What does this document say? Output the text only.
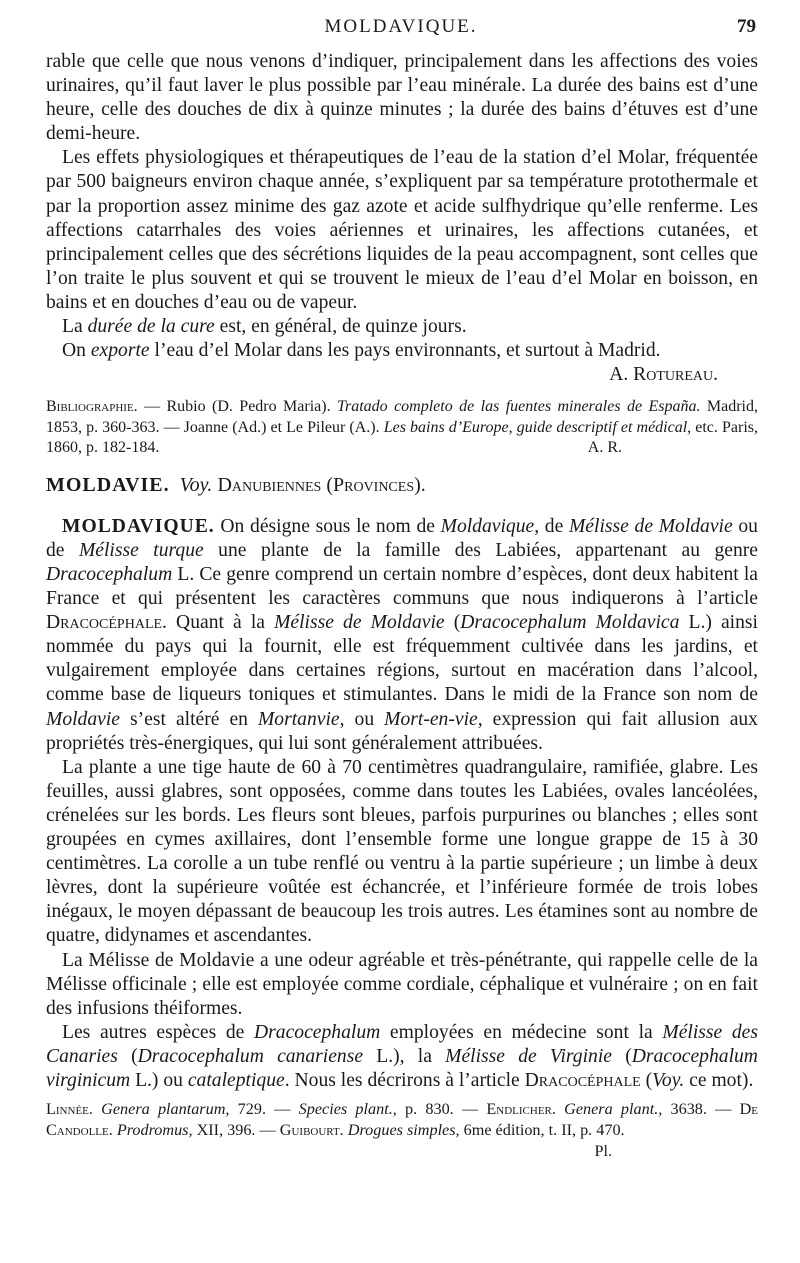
MOLDAVIQUE.	79

rable que celle que nous venons d’indiquer, principalement dans les affections des voies urinaires, qu’il faut laver le plus possible par l’eau minérale. La durée des bains est d’une heure, celle des douches de dix à quinze minutes ; la durée des bains d’étuves est d’une demi-heure.

Les effets physiologiques et thérapeutiques de l’eau de la station d’el Molar, fréquentée par 500 baigneurs environ chaque année, s’expliquent par sa température protothermale et par la proportion assez minime des gaz azote et acide sulfhydrique qu’elle renferme. Les affections catarrhales des voies aériennes et urinaires, les affections cutanées, et principalement celles que des sécrétions liquides de la peau accompagnent, sont celles que l’on traite le plus souvent et qui se trouvent le mieux de l’eau d’el Molar en boisson, en bains et en douches d’eau ou de vapeur.

La durée de la cure est, en général, de quinze jours.

On exporte l’eau d’el Molar dans les pays environnants, et surtout à Madrid.

A. Rotureau.

Bibliographie. — Rubio (D. Pedro Maria). Tratado completo de las fuentes minerales de España. Madrid, 1853, p. 360-363. — Joanne (Ad.) et Le Pileur (A.). Les bains d’Europe, guide descriptif et médical, etc. Paris, 1860, p. 182-184.	A. R.

MOLDAVIE. Voy. Danubiennes (Provinces).

MOLDAVIQUE. On désigne sous le nom de Moldavique, de Mélisse de Moldavie ou de Mélisse turque une plante de la famille des Labiées, appartenant au genre Dracocephalum L. Ce genre comprend un certain nombre d’espèces, dont deux habitent la France et qui présentent les caractères communs que nous indiquerons à l’article Dracocéphale. Quant à la Mélisse de Moldavie (Dracocephalum Moldavica L.) ainsi nommée du pays qui la fournit, elle est fréquemment cultivée dans les jardins, et vulgairement employée dans certaines régions, surtout en macération dans l’alcool, comme base de liqueurs toniques et stimulantes. Dans le midi de la France son nom de Moldavie s’est altéré en Mortanvie, ou Mort-en-vie, expression qui fait allusion aux propriétés très-énergiques, qui lui sont généralement attribuées.

La plante a une tige haute de 60 à 70 centimètres quadrangulaire, ramifiée, glabre. Les feuilles, aussi glabres, sont opposées, comme dans toutes les Labiées, ovales lancéolées, crénelées sur les bords. Les fleurs sont bleues, parfois purpurines ou blanches ; elles sont groupées en cymes axillaires, dont l’ensemble forme une longue grappe de 15 à 30 centimètres. La corolle a un tube renflé ou ventru à la partie supérieure ; un limbe à deux lèvres, dont la supérieure voûtée est échancrée, et l’inférieure formée de trois lobes inégaux, le moyen dépassant de beaucoup les trois autres. Les étamines sont au nombre de quatre, didynames et ascendantes.

La Mélisse de Moldavie a une odeur agréable et très-pénétrante, qui rappelle celle de la Mélisse officinale ; elle est employée comme cordiale, céphalique et vulnéraire ; on en fait des infusions théiformes.

Les autres espèces de Dracocephalum employées en médecine sont la Mélisse des Canaries (Dracocephalum canariense L.), la Mélisse de Virginie (Dracocephalum virginicum L.) ou cataleptique. Nous les décrirons à l’article Dracocéphale (Voy. ce mot).

Linnée. Genera plantarum, 729. — Species plant., p. 830. — Endlicher. Genera plant., 3638. — De Candolle. Prodromus, XII, 396. — Guibourt. Drogues simples, 6me édition, t. II, p. 470.
Pl.
